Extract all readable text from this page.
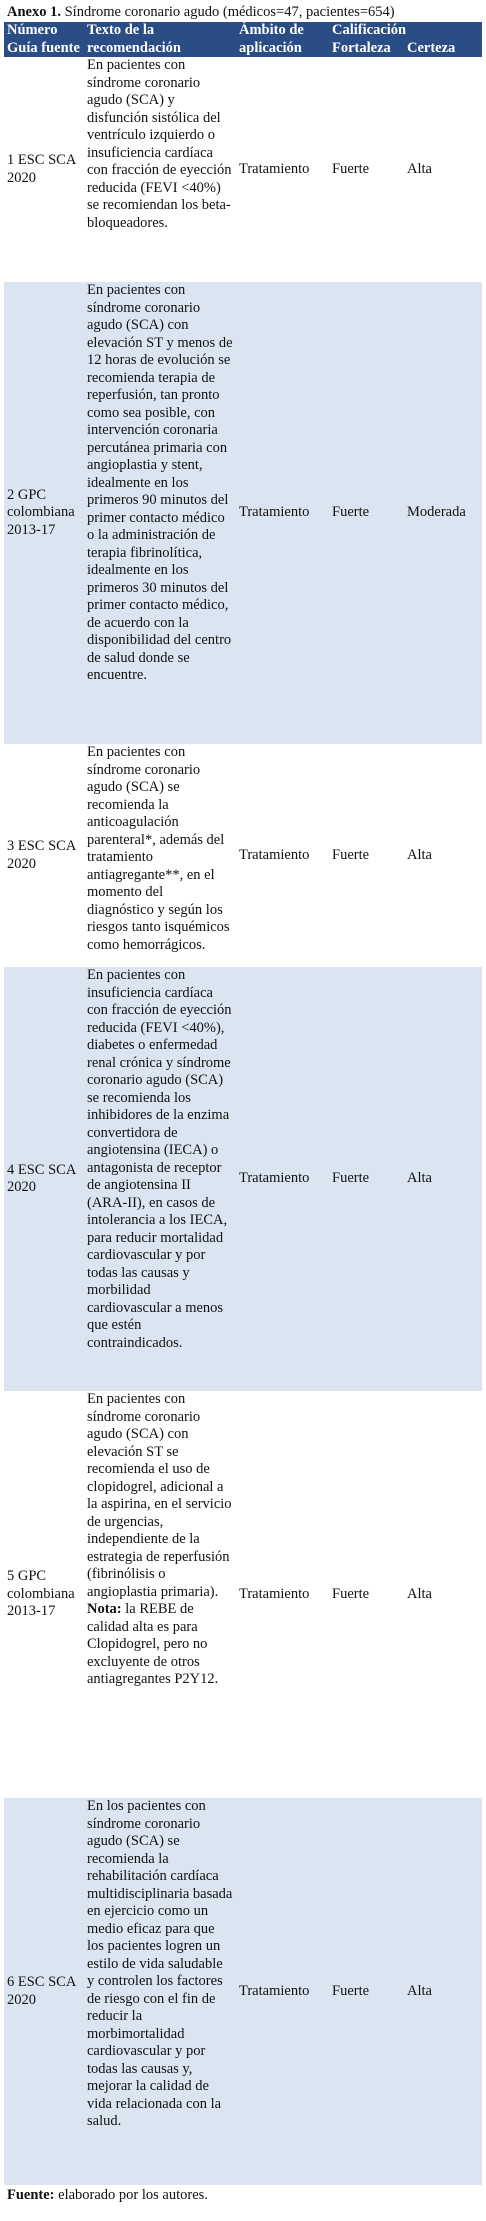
Anexo 1. Síndrome coronario agudo (médicos=47, pacientes=654)

Número Guía fuente	Texto de la recomendación	Ámbito de aplicación	Calificación	
			Fortaleza	Certeza
1 ESC SCA 2020	En pacientes con síndrome coronario agudo (SCA) y disfunción sistólica del ventrículo izquierdo o insuficiencia cardíaca con fracción de eyección reducida (FEVI <40%) se recomiendan los beta-bloqueadores.	Tratamiento	Fuerte	Alta
2 GPC colombiana 2013-17	En pacientes con síndrome coronario agudo (SCA) con elevación ST y menos de 12 horas de evolución se recomienda terapia de reperfusión, tan pronto como sea posible, con intervención coronaria percutánea primaria con angioplastia y stent, idealmente en los primeros 90 minutos del primer contacto médico o la administración de terapia fibrinolítica, idealmente en los primeros 30 minutos del primer contacto médico, de acuerdo con la disponibilidad del centro de salud donde se encuentre.	Tratamiento	Fuerte	Moderada
3 ESC SCA 2020	En pacientes con síndrome coronario agudo (SCA) se recomienda la anticoagulación parenteral*, además del tratamiento antiagregante**, en el momento del diagnóstico y según los riesgos tanto isquémicos como hemorrágicos.	Tratamiento	Fuerte	Alta
4 ESC SCA 2020	En pacientes con insuficiencia cardíaca con fracción de eyección reducida (FEVI <40%), diabetes o enfermedad renal crónica y síndrome coronario agudo (SCA) se recomienda los inhibidores de la enzima convertidora de angiotensina (IECA) o antagonista de receptor de angiotensina II (ARA-II), en casos de intolerancia a los IECA, para reducir mortalidad cardiovascular y por todas las causas y morbilidad cardiovascular a menos que estén contraindicados.	Tratamiento	Fuerte	Alta
5 GPC colombiana 2013-17	En pacientes con síndrome coronario agudo (SCA) con elevación ST se recomienda el uso de clopidogrel, adicional a la aspirina, en el servicio de urgencias, independiente de la estrategia de reperfusión (fibrinólisis o angioplastia primaria). Nota: la REBE de calidad alta es para Clopidogrel, pero no excluyente de otros antiagregantes P2Y12.	Tratamiento	Fuerte	Alta
6 ESC SCA 2020	En los pacientes con síndrome coronario agudo (SCA) se recomienda la rehabilitación cardíaca multidisciplinaria basada en ejercicio como un medio eficaz para que los pacientes logren un estilo de vida saludable y controlen los factores de riesgo con el fin de reducir la morbimortalidad cardiovascular y por todas las causas y, mejorar la calidad de vida relacionada con la salud.	Tratamiento	Fuerte	Alta

Fuente: elaborado por los autores.
